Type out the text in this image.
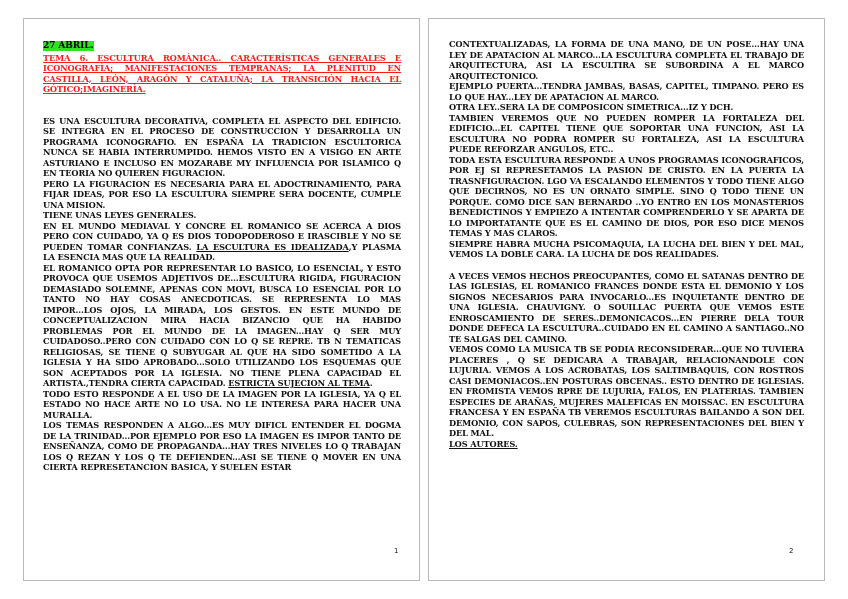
27 ABRIL.
TEMA 6. ESCULTURA ROMÀNICA.. CARACTERÌSTICAS GENERALES E ICONOGRAFÌA; MANIFESTACIONES TEMPRANAS; LA PLENITUD EN CASTILLA, LEÓN, ARAGÓN Y CATALUÑA; LA TRANSICIÓN HACIA EL GÓTICO;IMAGINERÌA.

ES UNA ESCULTURA DECORATIVA, COMPLETA EL ASPECTO DEL EDIFICIO. SE INTEGRA EN EL PROCESO DE CONSTRUCCION Y DESARROLLA UN PROGRAMA ICONOGRAFIO. EN ESPAÑA LA TRADICION ESCULTORICA NUNCA SE HABIA INTERRUMPIDO. HEMOS VISTO EN A VISIGO EN ARTE ASTURIANO E INCLUSO EN MOZARABE MY INFLUENCIA POR ISLAMICO Q EN TEORIA NO QUIEREN FIGURACION.

PERO LA FIGURACION ES NECESARIA PARA EL ADOCTRINAMIENTO, PARA FIJAR IDEAS, POR ESO LA ESCULTURA SIEMPRE SERA DOCENTE, CUMPLE UNA MISION.

TIENE UNAS LEYES GENERALES.

EN EL MUNDO MEDIAVAL Y CONCRE EL ROMANICO SE ACERCA A DIOS PERO CON CUIDADO, YA Q ES DIOS TODOPODEROSO E IRASCIBLE Y NO SE PUEDEN TOMAR CONFIANZAS. LA ESCULTURA ES IDEALIZADA,Y PLASMA LA ESENCIA MAS QUE LA REALIDAD.

EL ROMANICO OPTA POR REPRESENTAR LO BASICO, LO ESENCIAL, Y ESTO PROVOCA QUE USEMOS ADJETIVOS DE...ESCULTURA RIGIDA, FIGURACION DEMASIADO SOLEMNE, APENAS CON MOVI, BUSCA LO ESENCIAL POR LO TANTO NO HAY COSAS ANECDOTICAS. SE REPRESENTA LO MAS IMPOR...LOS OJOS, LA MIRADA, LOS GESTOS. EN ESTE MUNDO DE CONCEPTUALIZACION MIRA HACIA BIZANCIO QUE HA HABIDO PROBLEMAS POR EL MUNDO DE LA IMAGEN...HAY Q SER MUY CUIDADOSO..PERO CON CUIDADO CON LO Q SE REPRE. TB N TEMATICAS RELIGIOSAS, SE TIENE Q SUBYUGAR AL QUE HA SIDO SOMETIDO A LA IGLESIA Y HA SIDO APROBADO...SOLO UTILIZANDO LOS ESQUEMAS QUE SON ACEPTADOS POR LA IGLESIA. NO TIENE PLENA CAPACIDAD EL ARTISTA.,TENDRA CIERTA CAPACIDAD. ESTRICTA SUJECION AL TEMA.

TODO ESTO RESPONDE A EL USO DE LA IMAGEN POR LA IGLESIA, YA Q EL ESTADO NO HACE ARTE NO LO USA. NO LE INTERESA PARA HACER UNA MURALLA.

LOS TEMAS RESPONDEN A ALGO...ES MUY DIFICL ENTENDER EL DOGMA DE LA TRINIDAD...POR EJEMPLO POR ESO LA IMAGEN ES IMPOR TANTO DE ENSEÑANZA, COMO DE PROPAGANDA...HAY TRES NIVELES LO Q TRABAJAN LOS Q REZAN Y LOS Q TE DEFIENDEN...ASI SE TIENE Q MOVER EN UNA CIERTA REPRESETANCION BASICA, Y SUELEN ESTAR

1

CONTEXTUALIZADAS, LA FORMA DE UNA MANO, DE UN POSE...HAY UNA LEY DE APATACION AL MARCO...LA ESCULTURA COMPLETA EL TRABAJO DE ARQUITECTURA, ASI LA ESCULTIRA SE SUBORDINA A EL MARCO ARQUITECTONICO.

EJEMPLO PUERTA...TENDRA JAMBAS, BASAS, CAPITEL, TIMPANO. PERO ES LO QUE HAY...LEY DE APATACION AL MARCO.

OTRA LEY..SERA LA DE COMPOSICON SIMETRICA...IZ Y DCH.

TAMBIEN VEREMOS QUE NO PUEDEN ROMPER LA FORTALEZA DEL EDIFICIO...EL CAPITEL TIENE QUE SOPORTAR UNA FUNCION, ASI LA ESCULTURA NO PODRA ROMPER SU FORTALEZA, ASI LA ESCULTURA PUEDE REFORZAR ANGULOS, ETC..

TODA ESTA ESCULTURA RESPONDE A UNOS PROGRAMAS ICONOGRAFICOS, POR EJ SI REPRESETAMOS LA PASION DE CRISTO. EN LA PUERTA LA TRASNFIGURACION. LGO VA ESCALANDO ELEMENTOS Y TODO TIENE ALGO QUE DECIRNOS, NO ES UN ORNATO SIMPLE. SINO Q TODO TIENE UN PORQUE. COMO DICE SAN BERNARDO ..YO ENTRO EN LOS MONASTERIOS BENEDICTINOS Y EMPIEZO A INTENTAR COMPRENDERLO Y SE APARTA DE LO IMPORTATANTE QUE ES EL CAMINO DE DIOS, POR ESO DICE MENOS TEMAS Y MAS CLAROS.

SIEMPRE HABRA MUCHA PSICOMAQUIA, LA LUCHA DEL BIEN Y DEL MAL, VEMOS LA DOBLE CARA. LA LUCHA DE DOS REALIDADES.

A VECES VEMOS HECHOS PREOCUPANTES, COMO EL SATANAS DENTRO DE LAS IGLESIAS, EL ROMANICO FRANCES DONDE ESTA EL DEMONIO Y LOS SIGNOS NECESARIOS PARA INVOCARLO...ES INQUIETANTE DENTRO DE UNA IGLESIA. CHAUVIGNY. O SOUILLAC PUERTA QUE VEMOS ESTE ENROSCAMIENTO DE SERES..DEMONICACOS...EN PIERRE DELA TOUR DONDE DEFECA LA ESCULTURA..CUIDADO EN EL CAMINO A SANTIAGO..NO TE SALGAS DEL CAMINO.

VEMOS COMO LA MUSICA TB SE PODIA RECONSIDERAR...QUE NO TUVIERA PLACERES , Q SE DEDICARA A TRABAJAR, RELACIONANDOLE CON LUJURIA. VEMOS A LOS ACROBATAS, LOS SALTIMBAQUIS, CON ROSTROS CASI DEMONIACOS..EN POSTURAS OBCENAS.. ESTO DENTRO DE IGLESIAS. EN FROMISTA VEMOS RPRE DE LUJURIA, FALOS, EN PLATERIAS. TAMBIEN ESPECIES DE ARAÑAS, MUJERES MALEFICAS EN MOISSAC. EN ESCULTURA FRANCESA Y EN ESPAÑA TB VEREMOS ESCULTURAS BAILANDO A SON DEL DEMONIO, CON SAPOS, CULEBRAS, SON REPRESENTACIONES DEL BIEN Y DEL MAL.

LOS AUTORES.

2
